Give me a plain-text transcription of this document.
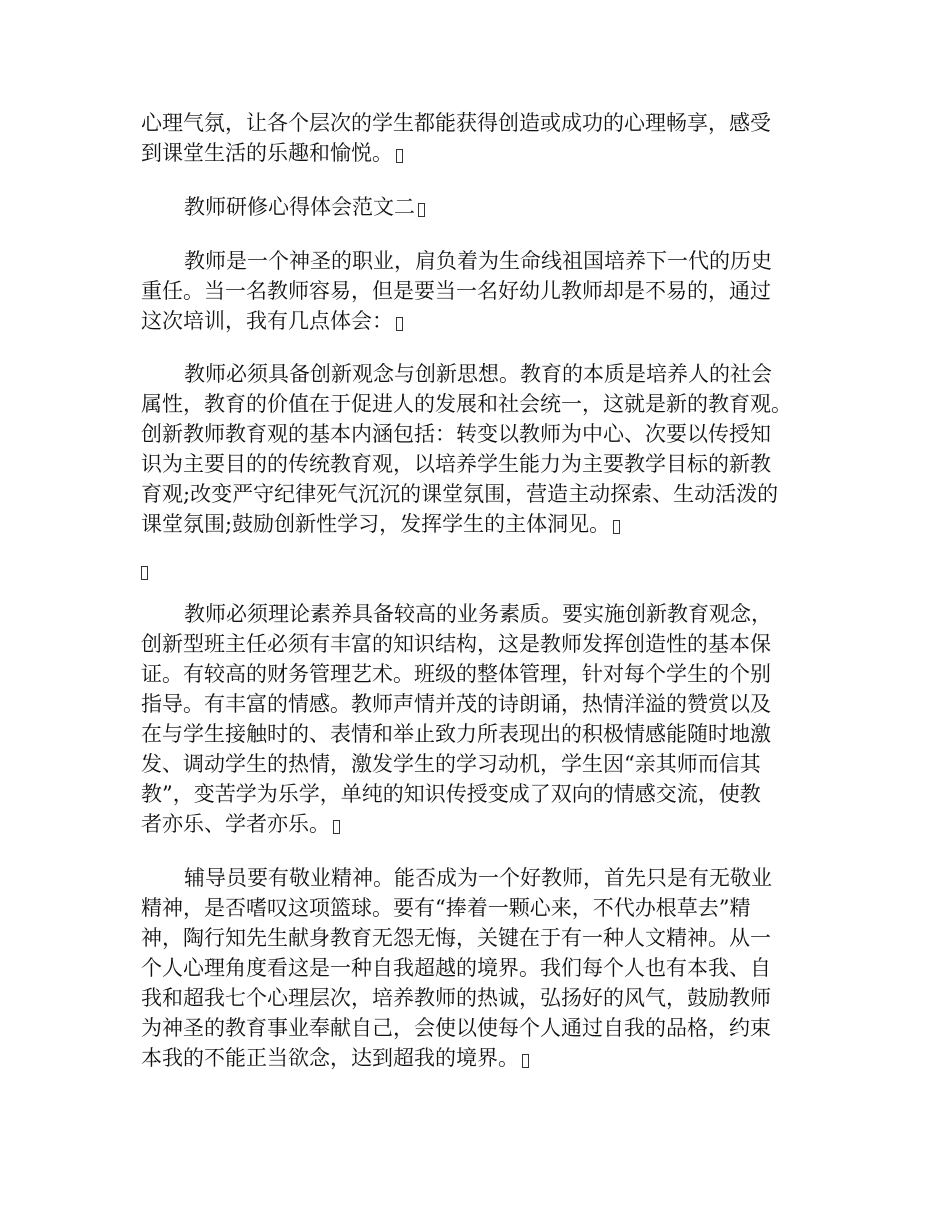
心理气氛，让各个层次的学生都能获得创造或成功的心理畅享，感受
到课堂生活的乐趣和愉悦。

教师研修心得体会范文二

教师是一个神圣的职业，肩负着为生命线祖国培养下一代的历史
重任。当一名教师容易，但是要当一名好幼儿教师却是不易的，通过
这次培训，我有几点体会：

教师必须具备创新观念与创新思想。教育的本质是培养人的社会
属性，教育的价值在于促进人的发展和社会统一，这就是新的教育观。
创新教师教育观的基本内涵包括：转变以教师为中心、次要以传授知
识为主要目的的传统教育观，以培养学生能力为主要教学目标的新教
育观;改变严守纪律死气沉沉的课堂氛围，营造主动探索、生动活泼的
课堂氛围;鼓励创新性学习，发挥学生的主体洞见。

教师必须理论素养具备较高的业务素质。要实施创新教育观念，
创新型班主任必须有丰富的知识结构，这是教师发挥创造性的基本保
证。有较高的财务管理艺术。班级的整体管理，针对每个学生的个别
指导。有丰富的情感。教师声情并茂的诗朗诵，热情洋溢的赞赏以及
在与学生接触时的、表情和举止致力所表现出的积极情感能随时地激
发、调动学生的热情，激发学生的学习动机，学生因“亲其师而信其
教”，变苦学为乐学，单纯的知识传授变成了双向的情感交流，使教
者亦乐、学者亦乐。

辅导员要有敬业精神。能否成为一个好教师，首先只是有无敬业
精神，是否嗜叹这项篮球。要有“捧着一颗心来，不代办根草去”精
神，陶行知先生献身教育无怨无悔，关键在于有一种人文精神。从一
个人心理角度看这是一种自我超越的境界。我们每个人也有本我、自
我和超我七个心理层次，培养教师的热诚，弘扬好的风气，鼓励教师
为神圣的教育事业奉献自己，会使以使每个人通过自我的品格，约束
本我的不能正当欲念，达到超我的境界。
